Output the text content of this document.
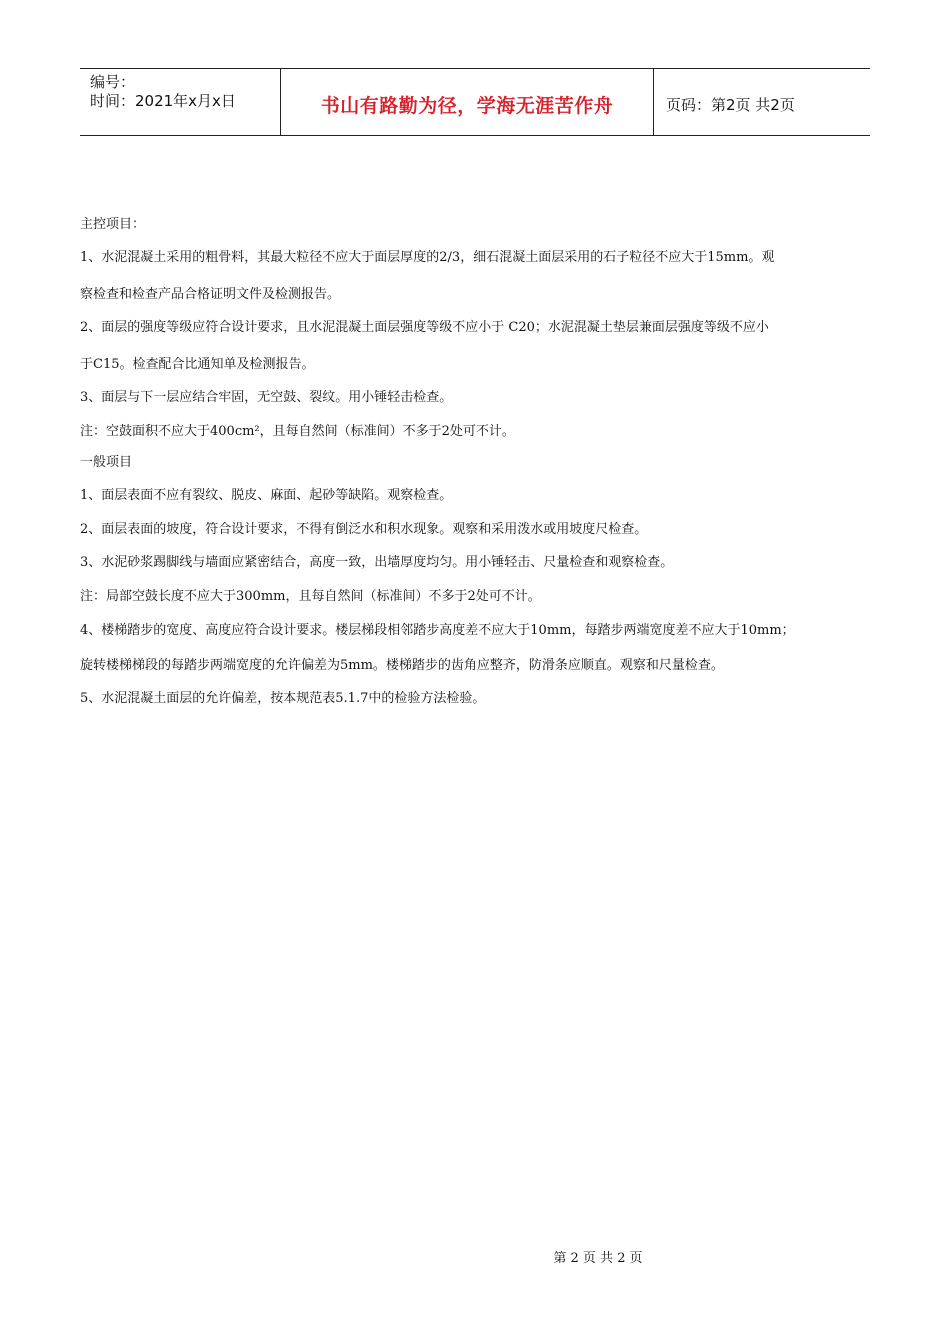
编号：
时间：2021年x月x日	书山有路勤为径，学海无涯苦作舟	页码：第2页 共2页

主控项目：

1、水泥混凝土采用的粗骨料，其最大粒径不应大于面层厚度的2/3，细石混凝土面层采用的石子粒径不应大于15mm。观

察检查和检查产品合格证明文件及检测报告。

2、面层的强度等级应符合设计要求，且水泥混凝土面层强度等级不应小于 C20；水泥混凝土垫层兼面层强度等级不应小

于C15。检查配合比通知单及检测报告。

3、面层与下一层应结合牢固，无空鼓、裂纹。用小锤轻击检查。

注：空鼓面积不应大于400cm²，且每自然间（标准间）不多于2处可不计。

一般项目

1、面层表面不应有裂纹、脱皮、麻面、起砂等缺陷。观察检查。

2、面层表面的坡度，符合设计要求，不得有倒泛水和积水现象。观察和采用泼水或用坡度尺检查。

3、水泥砂浆踢脚线与墙面应紧密结合，高度一致，出墙厚度均匀。用小锤轻击、尺量检查和观察检查。

注：局部空鼓长度不应大于300mm，且每自然间（标准间）不多于2处可不计。

4、楼梯踏步的宽度、高度应符合设计要求。楼层梯段相邻踏步高度差不应大于10mm，每踏步两端宽度差不应大于10mm；

旋转楼梯梯段的每踏步两端宽度的允许偏差为5mm。楼梯踏步的齿角应整齐，防滑条应顺直。观察和尺量检查。

5、水泥混凝土面层的允许偏差，按本规范表5.1.7中的检验方法检验。

第 2 页 共 2 页
